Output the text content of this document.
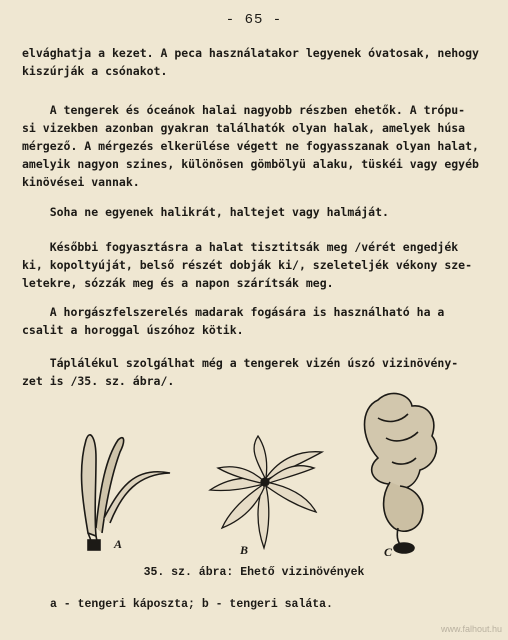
- 65 -
elvághatja a kezet. A peca használatakor legyenek óvatosak, nehogy
kiszúrják a csónakot.
A tengerek és óceánok halai nagyobb részben ehetők. A trópu-
si vizekben azonban gyakran találhatók olyan halak, amelyek húsa
mérgező. A mérgezés elkerülése végett ne fogyasszanak olyan halat,
amelyik nagyon szines, különösen gömbölyü alaku, tüskéi vagy egyéb
kinövései vannak.
Soha ne egyenek halikrát, haltejet vagy halmáját.
Későbbi fogyasztásra a halat tisztitsák meg /vérét engedjék
ki, kopoltyúját, belső részét dobják ki/, szeleteljék vékony sze-
letekre, sózzák meg és a napon szárítsák meg.
A horgászfelszerelés madarak fogására is használható ha a
csalit a horoggal úszóhoz kötik.
Táplálékul szolgálhat még a tengerek vizén úszó vizinövény-
zet is /35. sz. ábra/.
A	B	C
35. sz. ábra: Ehető vizinövények
a - tengeri káposzta; b - tengeri saláta.
www.falhout.hu
